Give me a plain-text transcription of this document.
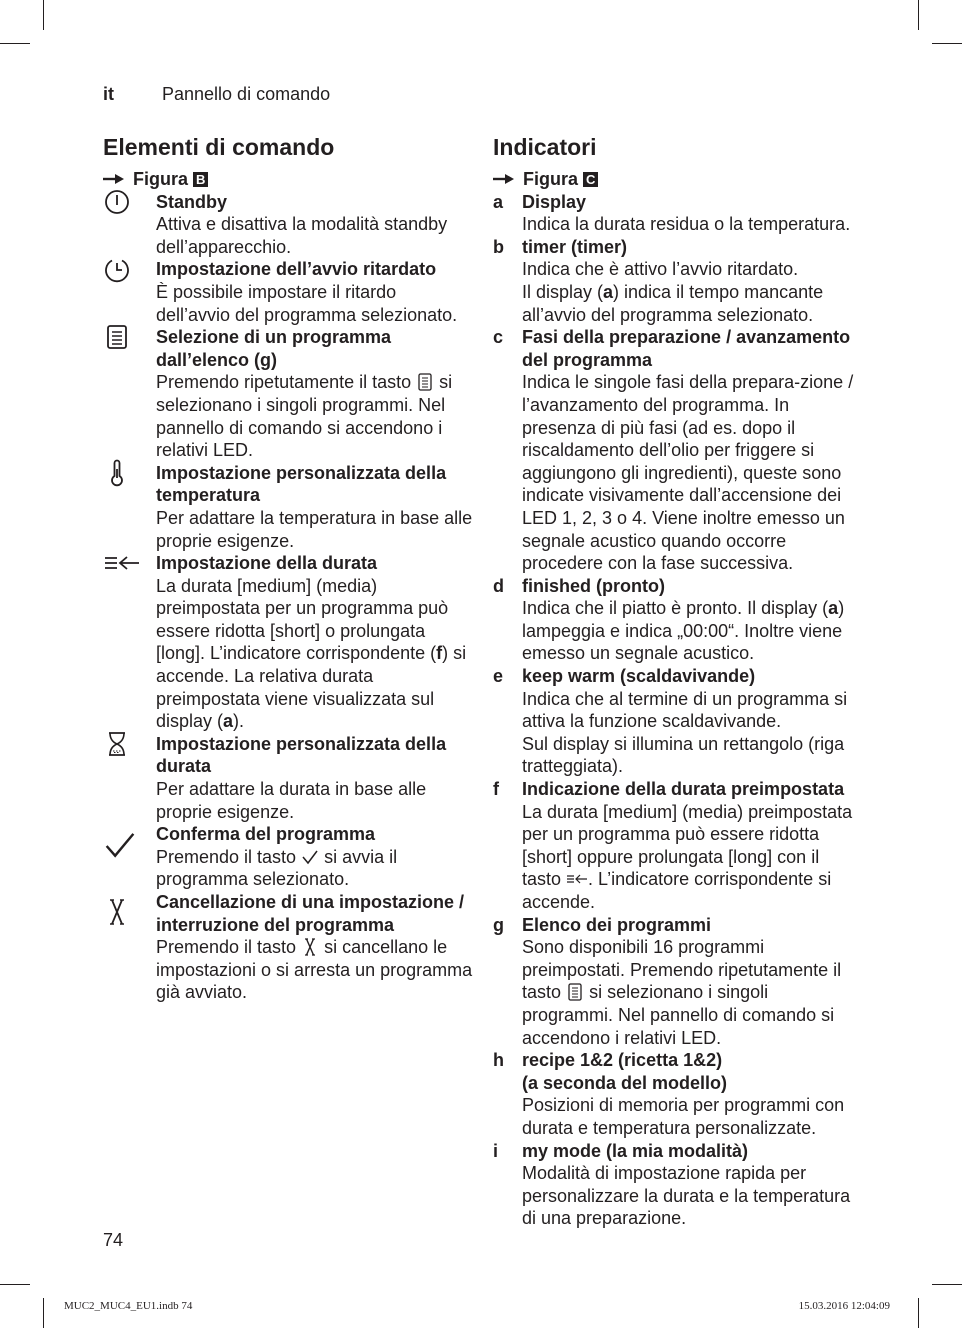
it	Pannello di comando
Elementi di comando
Figura B
Standby

Attiva e disattiva la modalità standby dell’apparecchio.

Impostazione dell’avvio ritardato

È possibile impostare il ritardo dell’avvio del programma selezionato.

Selezione di un programma dall’elenco (g)

Premendo ripetutamente il tasto si selezionano i singoli programmi. Nel pannello di comando si accendono i relativi LED.

Impostazione personalizzata della temperatura

Per adattare la temperatura in base alle proprie esigenze.

Impostazione della durata

La durata [medium] (media) preimpostata per un programma può essere ridotta [short] o prolungata [long]. L’indicatore corrispondente (f) si accende. La relativa durata preimpostata viene visualizzata sul display (a).

Impostazione personalizzata della durata

Per adattare la durata in base alle proprie esigenze.

Conferma del programma

Premendo il tasto si avvia il programma selezionato.

Cancellazione di una impostazione / interruzione del programma

Premendo il tasto si cancellano le impostazioni o si arresta un programma già avviato.

Indicatori
Figura C
a	Display

Indica la durata residua o la temperatura.

b	timer (timer)

Indica che è attivo l’avvio ritardato.

Il display (a) indica il tempo mancante all’avvio del programma selezionato.

c	Fasi della preparazione / avanzamento del programma

Indica le singole fasi della prepara-zione / l’avanzamento del programma. In presenza di più fasi (ad es. dopo il riscaldamento dell’olio per friggere si aggiungono gli ingredienti), queste sono indicate visivamente dall’accensione dei LED 1, 2, 3 o 4. Viene inoltre emesso un segnale acustico quando occorre procedere con la fase successiva.

d	finished (pronto)

Indica che il piatto è pronto. Il display (a) lampeggia e indica „00:00“. Inoltre viene emesso un segnale acustico.

e	keep warm (scaldavivande)

Indica che al termine di un programma si attiva la funzione scaldavivande.

Sul display si illumina un rettangolo (riga tratteggiata).

f	Indicazione della durata preimpostata

La durata [medium] (media) preimpostata per un programma può essere ridotta [short] oppure prolungata [long] con il tasto . L’indicatore corrispondente si accende.

g	Elenco dei programmi

Sono disponibili 16 programmi preimpostati. Premendo ripetutamente il tasto si selezionano i singoli programmi. Nel pannello di comando si accendono i relativi LED.

h	recipe 1&2 (ricetta 1&2)
(a seconda del modello)

Posizioni di memoria per programmi con durata e temperatura personalizzate.

i	my mode (la mia modalità)

Modalità di impostazione rapida per personalizzare la durata e la temperatura di una preparazione.

74
MUC2_MUC4_EU1.indb 74	15.03.2016 12:04:09
